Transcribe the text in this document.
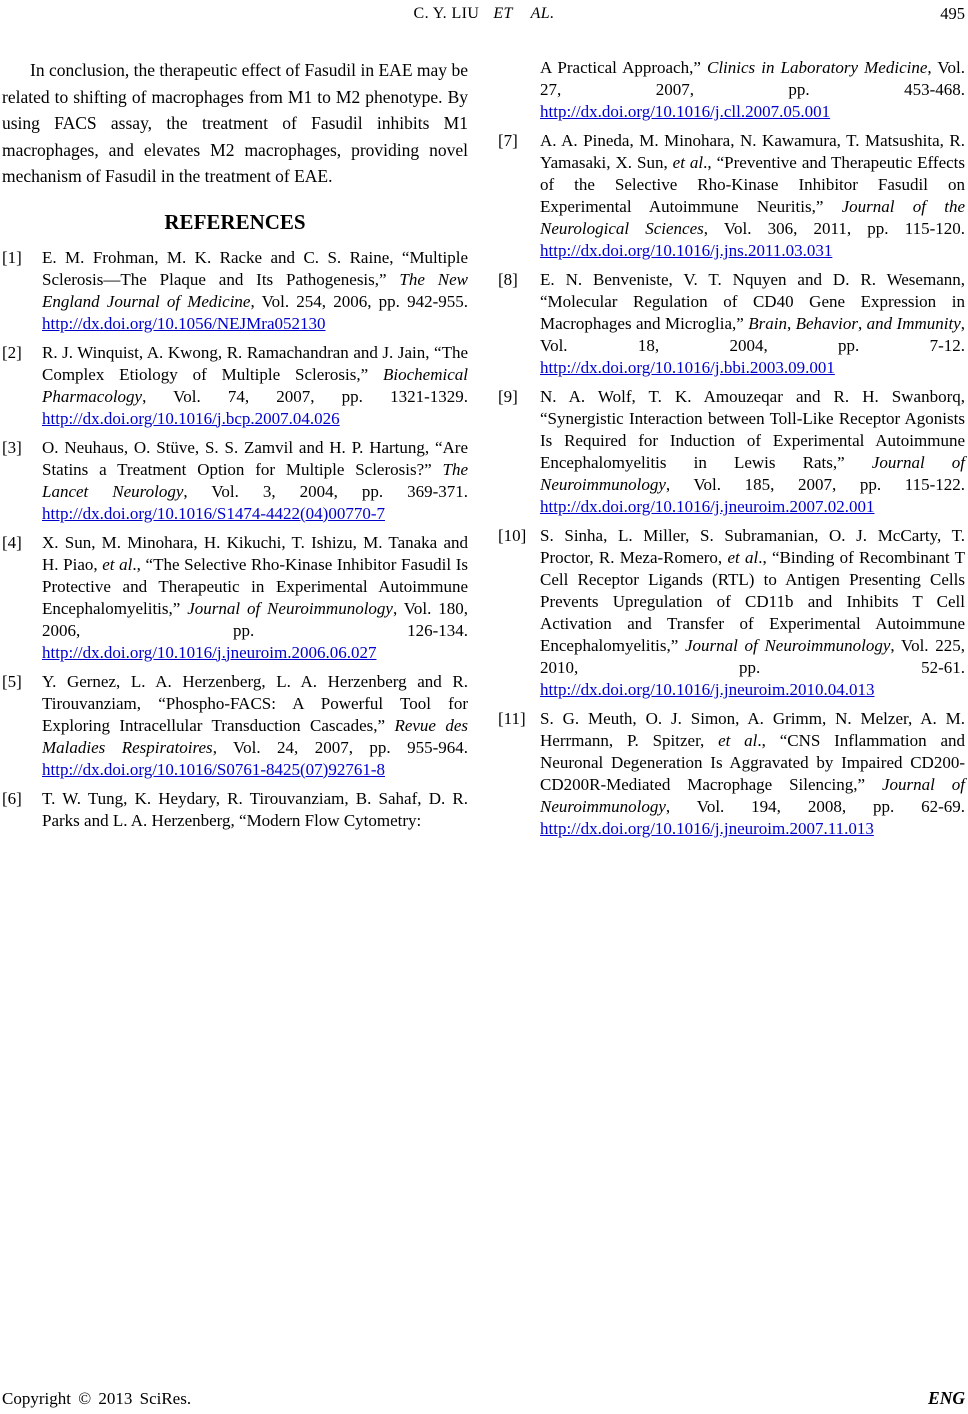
C. Y. LIU ET AL.	495

In conclusion, the therapeutic effect of Fasudil in EAE may be related to shifting of macrophages from M1 to M2 phenotype. By using FACS assay, the treatment of Fasudil inhibits M1 macrophages, and elevates M2 macrophages, providing novel mechanism of Fasudil in the treatment of EAE.

REFERENCES
[1]	E. M. Frohman, M. K. Racke and C. S. Raine, “Multiple Sclerosis—The Plaque and Its Pathogenesis,” The New England Journal of Medicine, Vol. 254, 2006, pp. 942-955. http://dx.doi.org/10.1056/NEJMra052130
[2]	R. J. Winquist, A. Kwong, R. Ramachandran and J. Jain, “The Complex Etiology of Multiple Sclerosis,” Biochemical Pharmacology, Vol. 74, 2007, pp. 1321-1329. http://dx.doi.org/10.1016/j.bcp.2007.04.026
[3]	O. Neuhaus, O. Stüve, S. S. Zamvil and H. P. Hartung, “Are Statins a Treatment Option for Multiple Sclerosis?” The Lancet Neurology, Vol. 3, 2004, pp. 369-371. http://dx.doi.org/10.1016/S1474-4422(04)00770-7
[4]	X. Sun, M. Minohara, H. Kikuchi, T. Ishizu, M. Tanaka and H. Piao, et al., “The Selective Rho-Kinase Inhibitor Fasudil Is Protective and Therapeutic in Experimental Autoimmune Encephalomyelitis,” Journal of Neuroimmunology, Vol. 180, 2006, pp. 126-134. http://dx.doi.org/10.1016/j.jneuroim.2006.06.027
[5]	Y. Gernez, L. A. Herzenberg, L. A. Herzenberg and R. Tirouvanziam, “Phospho-FACS: A Powerful Tool for Exploring Intracellular Transduction Cascades,” Revue des Maladies Respiratoires, Vol. 24, 2007, pp. 955-964. http://dx.doi.org/10.1016/S0761-8425(07)92761-8
[6]	T. W. Tung, K. Heydary, R. Tirouvanziam, B. Sahaf, D. R. Parks and L. A. Herzenberg, “Modern Flow Cytometry:
A Practical Approach,” Clinics in Laboratory Medicine, Vol. 27, 2007, pp. 453-468. http://dx.doi.org/10.1016/j.cll.2007.05.001
[7]	A. A. Pineda, M. Minohara, N. Kawamura, T. Matsushita, R. Yamasaki, X. Sun, et al., “Preventive and Therapeutic Effects of the Selective Rho-Kinase Inhibitor Fasudil on Experimental Autoimmune Neuritis,” Journal of the Neurological Sciences, Vol. 306, 2011, pp. 115-120. http://dx.doi.org/10.1016/j.jns.2011.03.031
[8]	E. N. Benveniste, V. T. Nquyen and D. R. Wesemann, “Molecular Regulation of CD40 Gene Expression in Macrophages and Microglia,” Brain, Behavior, and Immunity, Vol. 18, 2004, pp. 7-12. http://dx.doi.org/10.1016/j.bbi.2003.09.001
[9]	N. A. Wolf, T. K. Amouzeqar and R. H. Swanborq, “Synergistic Interaction between Toll-Like Receptor Agonists Is Required for Induction of Experimental Autoimmune Encephalomyelitis in Lewis Rats,” Journal of Neuroimmunology, Vol. 185, 2007, pp. 115-122. http://dx.doi.org/10.1016/j.jneuroim.2007.02.001
[10] S. Sinha, L. Miller, S. Subramanian, O. J. McCarty, T. Proctor, R. Meza-Romero, et al., “Binding of Recombinant T Cell Receptor Ligands (RTL) to Antigen Presenting Cells Prevents Upregulation of CD11b and Inhibits T Cell Activation and Transfer of Experimental Autoimmune Encephalomyelitis,” Journal of Neuroimmunology, Vol. 225, 2010, pp. 52-61. http://dx.doi.org/10.1016/j.jneuroim.2010.04.013
[11] S. G. Meuth, O. J. Simon, A. Grimm, N. Melzer, A. M. Herrmann, P. Spitzer, et al., “CNS Inflammation and Neuronal Degeneration Is Aggravated by Impaired CD200-CD200R-Mediated Macrophage Silencing,” Journal of Neuroimmunology, Vol. 194, 2008, pp. 62-69. http://dx.doi.org/10.1016/j.jneuroim.2007.11.013
Copyright © 2013 SciRes.	ENG
